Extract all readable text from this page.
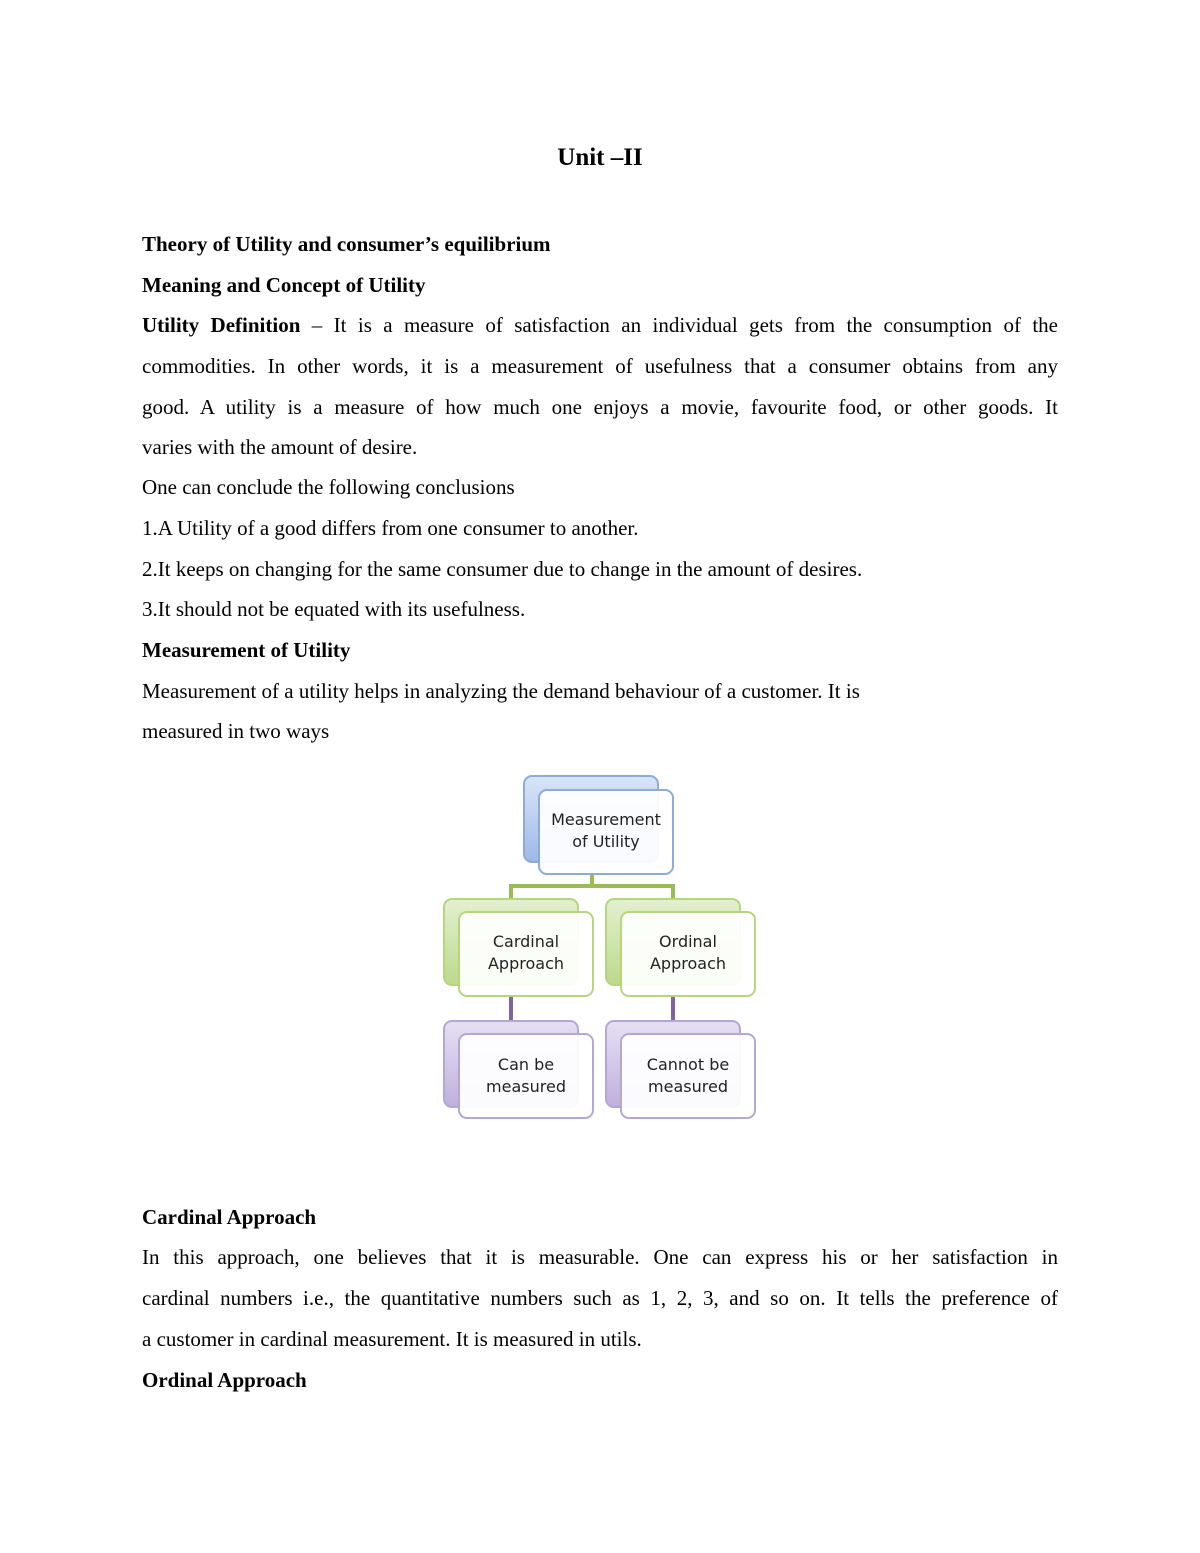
Unit –II
Theory of Utility and consumer’s equilibrium
Meaning and Concept of Utility
Utility Definition – It is a measure of satisfaction an individual gets from the consumption of the
commodities. In other words, it is a measurement of usefulness that a consumer obtains from any
good. A utility is a measure of how much one enjoys a movie, favourite food, or other goods. It
varies with the amount of desire.
One can conclude the following conclusions
1.A Utility of a good differs from one consumer to another.
2.It keeps on changing for the same consumer due to change in the amount of desires.
3.It should not be equated with its usefulness.
Measurement of Utility
Measurement of a utility helps in analyzing the demand behaviour of a customer. It is
measured in two ways
Measurement
of Utility
Cardinal
Approach
Ordinal
Approach
Can be
measured
Cannot be
measured
Cardinal Approach
In this approach, one believes that it is measurable. One can express his or her satisfaction in
cardinal numbers i.e., the quantitative numbers such as 1, 2, 3, and so on. It tells the preference of
a customer in cardinal measurement. It is measured in utils.
Ordinal Approach
